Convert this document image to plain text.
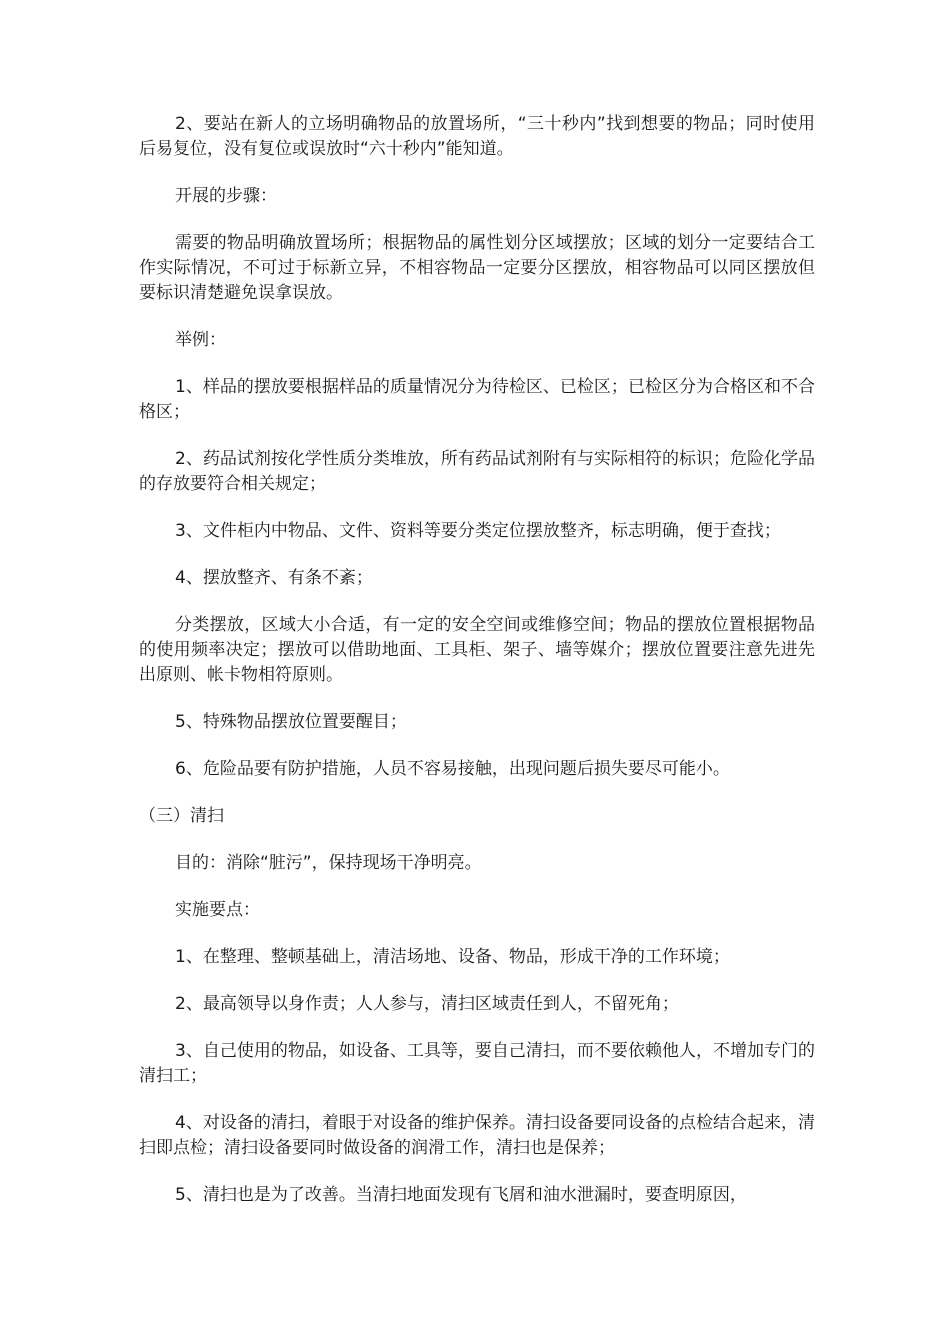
2、要站在新人的立场明确物品的放置场所，“三十秒内”找到想要的物品；同时使用后易复位，没有复位或误放时“六十秒内”能知道。

开展的步骤：

需要的物品明确放置场所；根据物品的属性划分区域摆放；区域的划分一定要结合工作实际情况，不可过于标新立异，不相容物品一定要分区摆放，相容物品可以同区摆放但要标识清楚避免误拿误放。

举例：

1、样品的摆放要根据样品的质量情况分为待检区、已检区；已检区分为合格区和不合格区；

2、药品试剂按化学性质分类堆放，所有药品试剂附有与实际相符的标识；危险化学品的存放要符合相关规定；

3、文件柜内中物品、文件、资料等要分类定位摆放整齐，标志明确，便于查找；

4、摆放整齐、有条不紊；

分类摆放，区域大小合适，有一定的安全空间或维修空间；物品的摆放位置根据物品的使用频率决定；摆放可以借助地面、工具柜、架子、墙等媒介；摆放位置要注意先进先出原则、帐卡物相符原则。

5、特殊物品摆放位置要醒目；

6、危险品要有防护措施，人员不容易接触，出现问题后损失要尽可能小。

（三）清扫

目的：消除“脏污”，保持现场干净明亮。

实施要点：

1、在整理、整顿基础上，清洁场地、设备、物品，形成干净的工作环境；

2、最高领导以身作责；人人参与，清扫区域责任到人，不留死角；

3、自己使用的物品，如设备、工具等，要自己清扫，而不要依赖他人，不增加专门的清扫工；

4、对设备的清扫，着眼于对设备的维护保养。清扫设备要同设备的点检结合起来，清扫即点检；清扫设备要同时做设备的润滑工作，清扫也是保养；

5、清扫也是为了改善。当清扫地面发现有飞屑和油水泄漏时，要查明原因，
